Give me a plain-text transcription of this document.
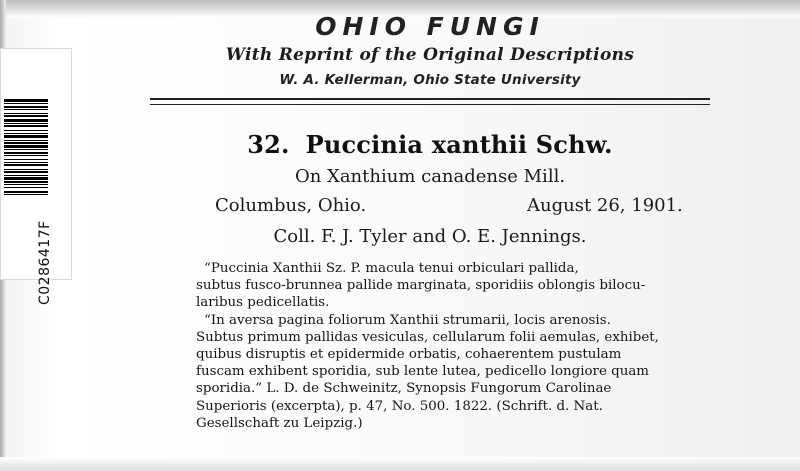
C0286417F
OHIO FUNGI
With Reprint of the Original Descriptions
W. A. Kellerman, Ohio State University
32. Puccinia xanthii Schw.
On Xanthium canadense Mill.
Columbus, Ohio.	August 26, 1901.
Coll. F. J. Tyler and O. E. Jennings.

“Puccinia Xanthii Sz. P. macula tenui orbiculari pallida,
subtus fusco-brunnea pallide marginata, sporidiis oblongis bilocu-
laribus pedicellatis.

“In aversa pagina foliorum Xanthii strumarii, locis arenosis.
Subtus primum pallidas vesiculas, cellularum folii aemulas, exhibet,
quibus disruptis et epidermide orbatis, cohaerentem pustulam
fuscam exhibent sporidia, sub lente lutea, pedicello longiore quam
sporidia.” L. D. de Schweinitz, Synopsis Fungorum Carolinae
Superioris (excerpta), p. 47, No. 500. 1822. (Schrift. d. Nat.
Gesellschaft zu Leipzig.)
